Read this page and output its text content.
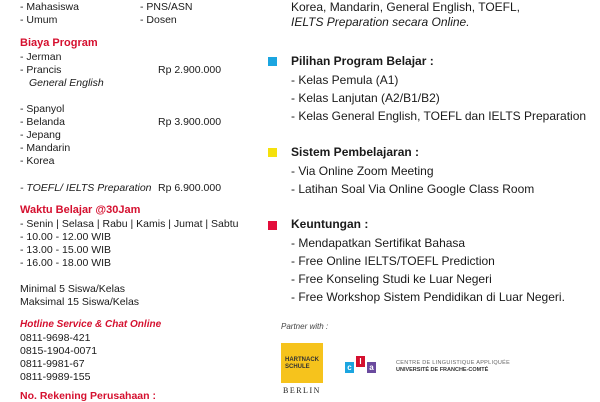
- Mahasiswa
- Umum
- PNS/ASN
- Dosen
Biaya Program
- Jerman
- Prancis
General English
Rp 2.900.000
- Spanyol
- Belanda
- Jepang
- Mandarin
- Korea
Rp 3.900.000
- TOEFL/ IELTS Preparation Rp 6.900.000
Waktu Belajar @30Jam
- Senin | Selasa | Rabu | Kamis | Jumat | Sabtu
- 10.00 - 12.00 WIB
- 13.00 - 15.00 WIB
- 16.00 - 18.00 WIB
Minimal 5 Siswa/Kelas
Maksimal 15 Siswa/Kelas
Hotline Service & Chat Online
0811-9698-421
0815-1904-0071
0811-9981-67
0811-9989-155
No. Rekening Perusahaan :
Korea, Mandarin, General English, TOEFL,
IELTS Preparation secara Online.
Pilihan Program Belajar :
- Kelas Pemula (A1)
- Kelas Lanjutan (A2/B1/B2)
- Kelas General English, TOEFL dan IELTS Preparation
Sistem Pembelajaran :
- Via Online Zoom Meeting
- Latihan Soal Via Online Google Class Room
Keuntungan :
- Mendapatkan Sertifikat Bahasa
- Free Online IELTS/TOEFL Prediction
- Free Konseling Studi ke Luar Negeri
- Free Workshop Sistem Pendidikan di Luar Negeri.
Partner with :
HARTNACK
SCHULE
BERLIN
c
l
a	CENTRE DE LINGUISTIQUE APPLIQUÉE
UNIVERSITÉ DE FRANCHE-COMTÉ
